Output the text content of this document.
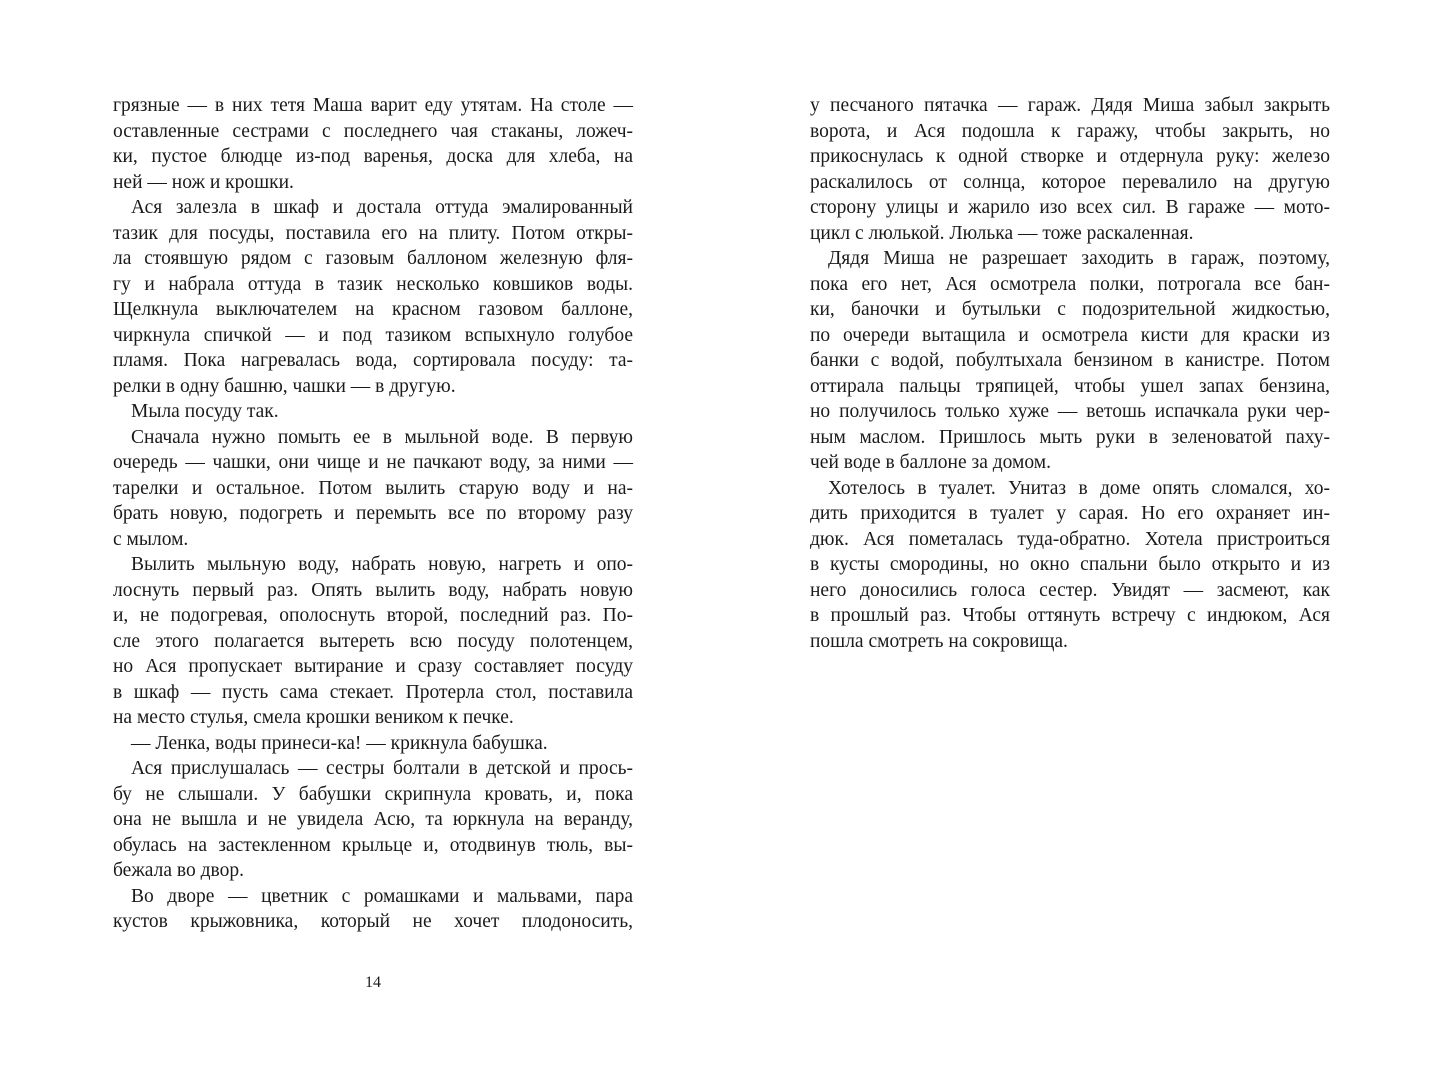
грязные — в них тетя Маша варит еду утятам. На столе —
оставленные сестрами с последнего чая стаканы, ложеч-
ки, пустое блюдце из-под варенья, доска для хлеба, на
ней — нож и крошки.
Ася залезла в шкаф и достала оттуда эмалированный
тазик для посуды, поставила его на плиту. Потом откры-
ла стоявшую рядом с газовым баллоном железную фля-
гу и набрала оттуда в тазик несколько ковшиков воды.
Щелкнула выключателем на красном газовом баллоне,
чиркнула спичкой — и под тазиком вспыхнуло голубое
пламя. Пока нагревалась вода, сортировала посуду: та-
релки в одну башню, чашки — в другую.
Мыла посуду так.
Сначала нужно помыть ее в мыльной воде. В первую
очередь — чашки, они чище и не пачкают воду, за ними —
тарелки и остальное. Потом вылить старую воду и на-
брать новую, подогреть и перемыть все по второму разу
с мылом.
Вылить мыльную воду, набрать новую, нагреть и опо-
лоснуть первый раз. Опять вылить воду, набрать новую
и, не подогревая, ополоснуть второй, последний раз. По-
сле этого полагается вытереть всю посуду полотенцем,
но Ася пропускает вытирание и сразу составляет посуду
в шкаф — пусть сама стекает. Протерла стол, поставила
на место стулья, смела крошки веником к печке.
— Ленка, воды принеси-ка! — крикнула бабушка.
Ася прислушалась — сестры болтали в детской и прось-
бу не слышали. У бабушки скрипнула кровать, и, пока
она не вышла и не увидела Асю, та юркнула на веранду,
обулась на застекленном крыльце и, отодвинув тюль, вы-
бежала во двор.
Во дворе — цветник с ромашками и мальвами, пара
кустов крыжовника, который не хочет плодоносить,
у песчаного пятачка — гараж. Дядя Миша забыл закрыть
ворота, и Ася подошла к гаражу, чтобы закрыть, но
прикоснулась к одной створке и отдернула руку: железо
раскалилось от солнца, которое перевалило на другую
сторону улицы и жарило изо всех сил. В гараже — мото-
цикл с люлькой. Люлька — тоже раскаленная.
Дядя Миша не разрешает заходить в гараж, поэтому,
пока его нет, Ася осмотрела полки, потрогала все бан-
ки, баночки и бутыльки с подозрительной жидкостью,
по очереди вытащила и осмотрела кисти для краски из
банки с водой, побултыхала бензином в канистре. Потом
оттирала пальцы тряпицей, чтобы ушел запах бензина,
но получилось только хуже — ветошь испачкала руки чер-
ным маслом. Пришлось мыть руки в зеленоватой паху-
чей воде в баллоне за домом.
Хотелось в туалет. Унитаз в доме опять сломался, хо-
дить приходится в туалет у сарая. Но его охраняет ин-
дюк. Ася пометалась туда-обратно. Хотела пристроиться
в кусты смородины, но окно спальни было открыто и из
него доносились голоса сестер. Увидят — засмеют, как
в прошлый раз. Чтобы оттянуть встречу с индюком, Ася
пошла смотреть на сокровища.
14
